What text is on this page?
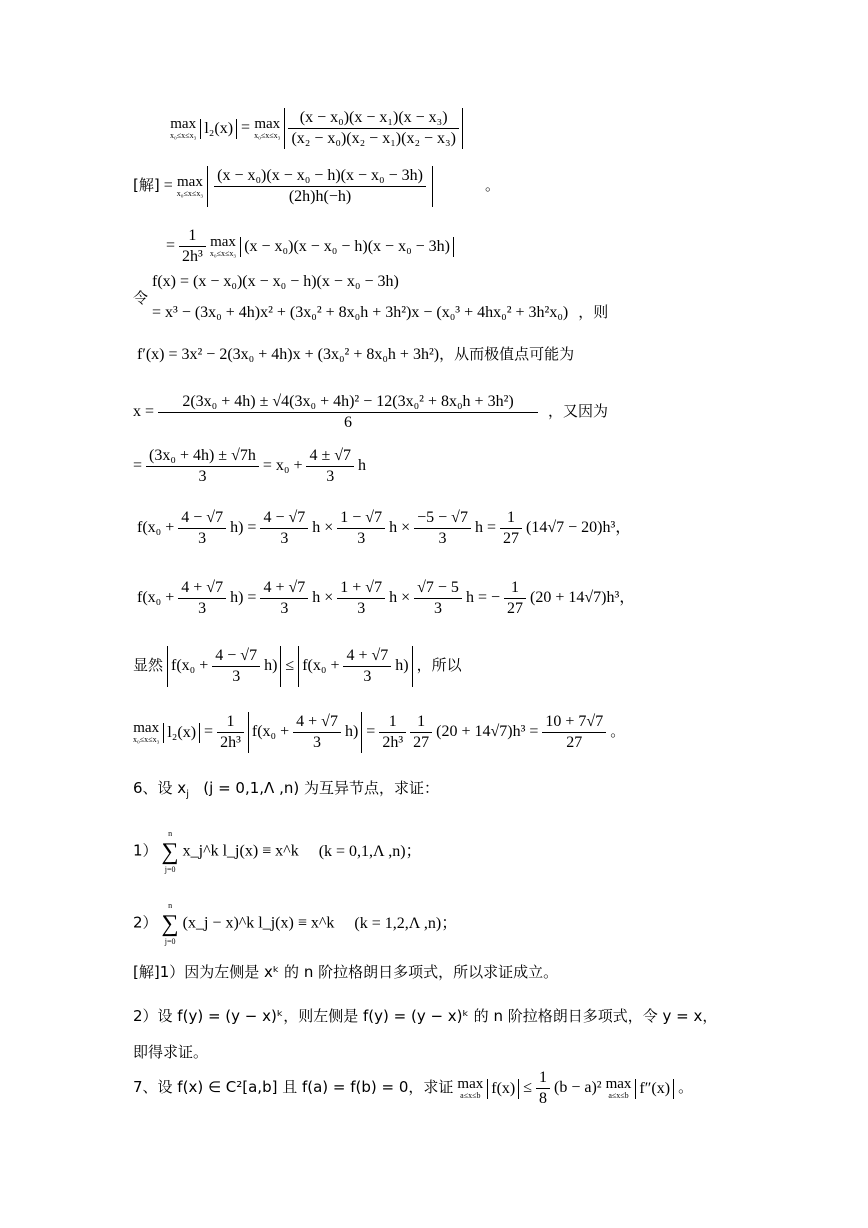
max
x₀≤x≤x₃ l₂(x) = max
x₀≤x≤x₃
$\frac{\text{(x − x₀)(x − x₁)(x − x₃)}}{\text{(x₂ − x₀)(x₂ − x₁)(x₂ − x₃)}}$
[解] = max
x₀≤x≤x₃
$\frac{\text{(x − x₀)(x − x₀ − h)(x − x₀ − 3h)}}{(2h)h(-h)}$	。
= $\frac{1}{\text{2h³}}$
max
x₀≤x≤x₃ (x − x₀)(x − x₀ − h)(x − x₀ − 3h)
令
f(x) = (x − x₀)(x − x₀ − h)(x − x₀ − 3h)
= x³ − (3x₀ + 4h)x² + (3x₀² + 8x₀h + 3h²)x − (x₀³ + 4hx₀² + 3h²x₀) ，则
f′(x) = 3x² − 2(3x₀ + 4h)x + (3x₀² + 8x₀h + 3h²)，从而极值点可能为
$x = \frac{\text{2(3x₀ + 4h) ± √4(3x₀ + 4h)² − 12(3x₀² + 8x₀h + 3h²)}}{6}$ ，又因为
= $\frac{\text{(3x₀ + 4h) ± √7h}}{3} = x_0 + \frac{4 \pm √7}{3}$ h
$f(x_0 + \frac{4 - √7}{3} h) = \frac{4 - √7}{3}$ $h \times \frac{1 - √7}{3}$ $h \times \frac{-5 - √7}{3}$ $h = \frac{1}{27} (14√7 - 20)h^3$，
$f(x_0 + \frac{4 + √7}{3} h) = \frac{4 + √7}{3}$ $h \times \frac{1 + √7}{3}$ $h \times \frac{√7 - 5}{3}$ h = − $\frac{1}{27} (20 + 14√7)h^3$，
显然 $f(x_0 + \frac{4 - √7}{3} h) \le f(x_0 + \frac{4 + √7}{3} h)$ ，所以
max
x₀≤x≤x₃ $l_2(x) = \frac{1}{\text{2h³}} f(x_0 + \frac{4 + √7}{3} h) = \frac{1}{\text{2h³}}$
$\frac{1}{27} (20 + 14√7)h^3 = \frac{10 + 7√7}{27}$ 。
6、设 $x_j$ (j = 0,1,Λ ,n) 为互异节点，求证：
1）
n
∑
j=0
x_j^k l_j(x) ≡ x^k (k = 0,1,Λ ,n)；
2）
n
∑
j=0
(x_j − x)^k l_j(x) ≡ x^k (k = 1,2,Λ ,n)；
[解]1）因为左侧是 xᵏ 的 n 阶拉格朗日多项式，所以求证成立。
2）设 f(y) = (y − x)ᵏ，则左侧是 f(y) = (y − x)ᵏ 的 n 阶拉格朗日多项式，令 y = x，
即得求证。
7、设 f(x) ∈ C²[a,b] 且 f(a) = f(b) = 0，求证 max
a≤x≤b $f(x) \le \frac{1}{8} (b - a)^2$ max
a≤x≤b f″(x) 。
